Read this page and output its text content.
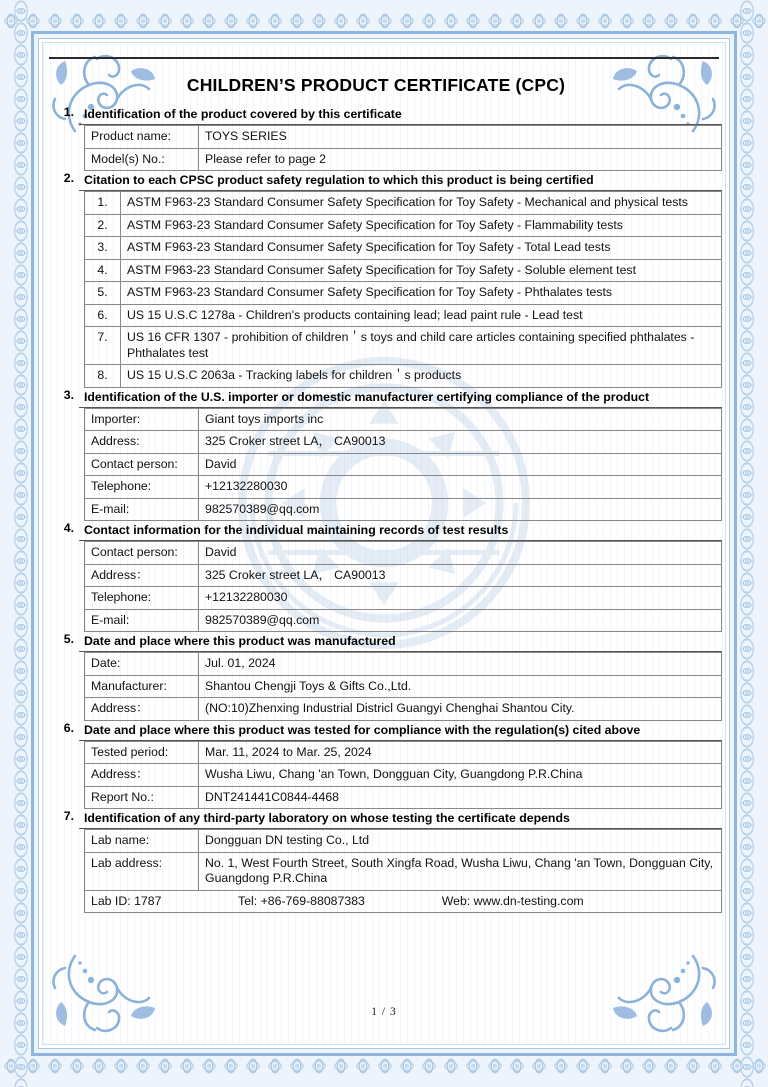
CHILDREN’S PRODUCT CERTIFICATE (CPC)
1.	Identification of the product covered by this certificate

Product name:	TOYS SERIES
Model(s) No.:	Please refer to page 2

2.	Citation to each CPSC product safety regulation to which this product is being certified

1.	ASTM F963-23 Standard Consumer Safety Specification for Toy Safety - Mechanical and physical tests
2.	ASTM F963-23 Standard Consumer Safety Specification for Toy Safety - Flammability tests
3.	ASTM F963-23 Standard Consumer Safety Specification for Toy Safety - Total Lead tests
4.	ASTM F963-23 Standard Consumer Safety Specification for Toy Safety - Soluble element test
5.	ASTM F963-23 Standard Consumer Safety Specification for Toy Safety - Phthalates tests
6.	US 15 U.S.C 1278a - Children's products containing lead; lead paint rule - Lead test
7.	US 16 CFR 1307 - prohibition of children＇s toys and child care articles containing specified phthalates - Phthalates test
8.	US 15 U.S.C 2063a - Tracking labels for children＇s products

3.	Identification of the U.S. importer or domestic manufacturer certifying compliance of the product

Importer:	Giant toys imports inc
Address:	325 Croker street LA， CA90013
Contact person:	David
Telephone:	+12132280030
E-mail:	982570389@qq.com

4.	Contact information for the individual maintaining records of test results

Contact person:	David
Address：	325 Croker street LA， CA90013
Telephone:	+12132280030
E-mail:	982570389@qq.com

5.	Date and place where this product was manufactured

Date:	Jul. 01, 2024
Manufacturer:	Shantou Chengji Toys & Gifts Co.,Ltd.
Address：	(NO:10)Zhenxing Industrial Districl Guangyi Chenghai Shantou City.

6.	Date and place where this product was tested for compliance with the regulation(s) cited above

Tested period:	Mar. 11, 2024 to Mar. 25, 2024
Address：	Wusha Liwu, Chang 'an Town, Dongguan City, Guangdong P.R.China
Report No.:	DNT241441C0844-4468

7.	Identification of any third-party laboratory on whose testing the certificate depends

Lab name:	Dongguan DN testing Co., Ltd
Lab address:	No. 1, West Fourth Street, South Xingfa Road, Wusha Liwu, Chang 'an Town, Dongguan City, Guangdong P.R.China
Lab ID: 1787	Tel: +86-769-88087383	Web: www.dn-testing.com
1 / 3
